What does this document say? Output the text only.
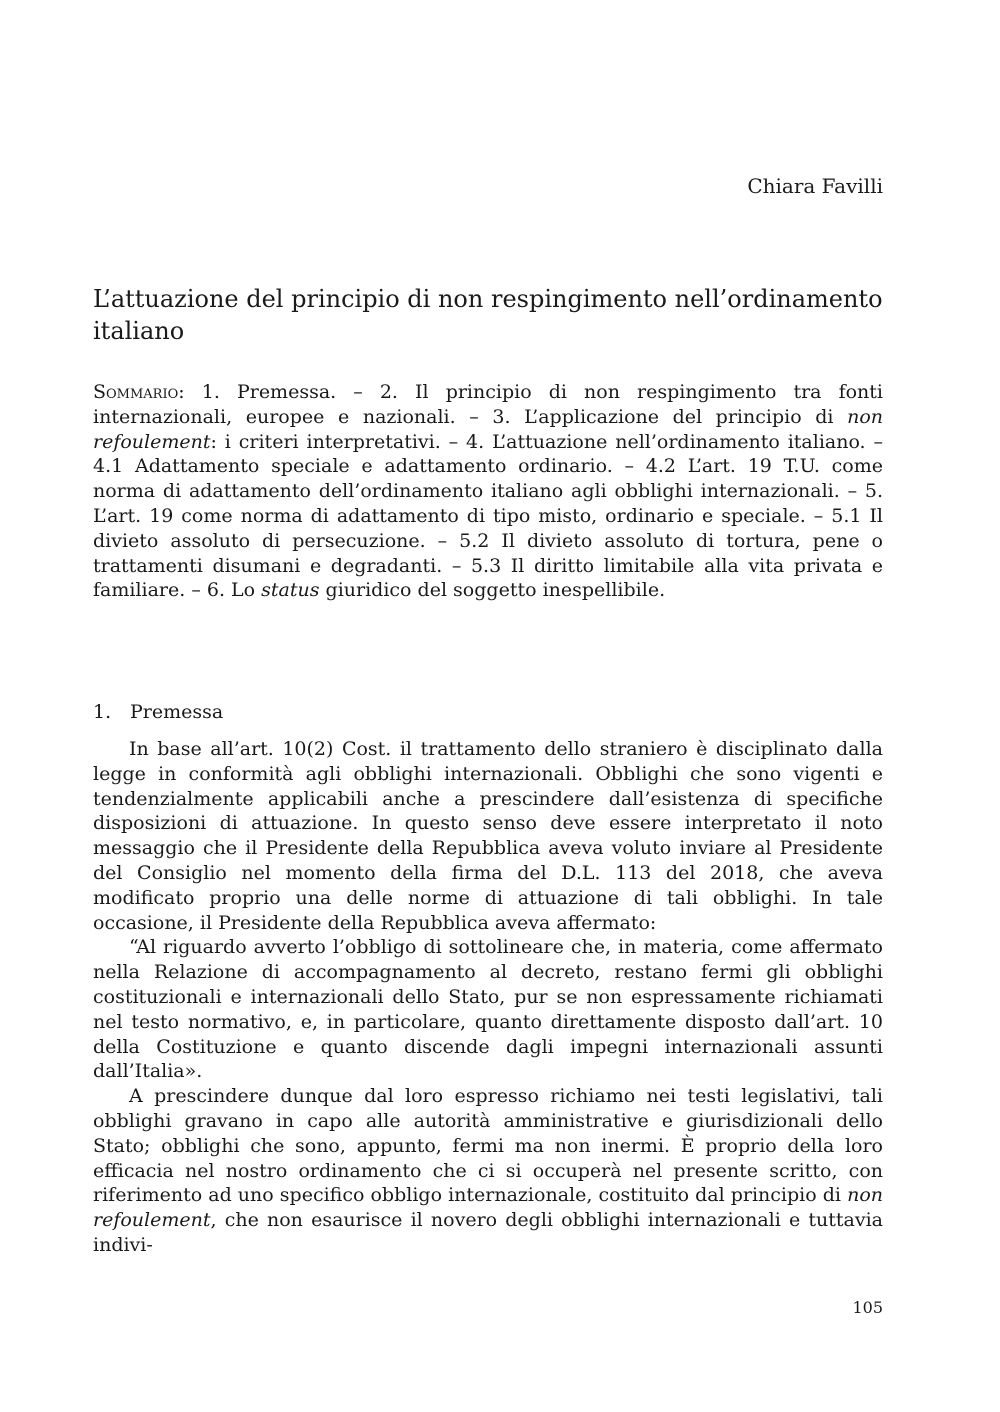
Chiara Favilli

L’attuazione del principio di non respingimento nell’ordinamento italiano

Sommario: 1. Premessa. – 2. Il principio di non respingimento tra fonti internazionali, europee e nazionali. – 3. L’applicazione del principio di non refoulement: i criteri interpretativi. – 4. L’attuazione nell’ordinamento italiano. – 4.1 Adattamento speciale e adattamento ordinario. – 4.2 L’art. 19 T.U. come norma di adattamento dell’ordinamento italiano agli obblighi internazionali. – 5. L’art. 19 come norma di adattamento di tipo misto, ordinario e speciale. – 5.1 Il divieto assoluto di persecuzione. – 5.2 Il divieto assoluto di tortura, pene o trattamenti disumani e degradanti. – 5.3 Il diritto limitabile alla vita privata e familiare. – 6. Lo status giuridico del soggetto inespellibile.

1. Premessa

In base all’art. 10(2) Cost. il trattamento dello straniero è disciplinato dalla legge in conformità agli obblighi internazionali. Obblighi che sono vigenti e tendenzialmente applicabili anche a prescindere dall’esistenza di specifiche disposizioni di attuazione. In questo senso deve essere interpretato il noto messaggio che il Presidente della Repubblica aveva voluto inviare al Presidente del Consiglio nel momento della firma del D.L. 113 del 2018, che aveva modificato proprio una delle norme di attuazione di tali obblighi. In tale occasione, il Presidente della Repubblica aveva affermato:

“Al riguardo avverto l’obbligo di sottolineare che, in materia, come affermato nella Relazione di accompagnamento al decreto, restano fermi gli obblighi costituzionali e internazionali dello Stato, pur se non espressamente richiamati nel testo normativo, e, in particolare, quanto direttamente disposto dall’art. 10 della Costituzione e quanto discende dagli impegni internazionali assunti dall’Italia».

A prescindere dunque dal loro espresso richiamo nei testi legislativi, tali obblighi gravano in capo alle autorità amministrative e giurisdizionali dello Stato; obblighi che sono, appunto, fermi ma non inermi. È proprio della loro efficacia nel nostro ordinamento che ci si occuperà nel presente scritto, con riferimento ad uno specifico obbligo internazionale, costituito dal principio di non refoulement, che non esaurisce il novero degli obblighi internazionali e tuttavia indivi-

105
